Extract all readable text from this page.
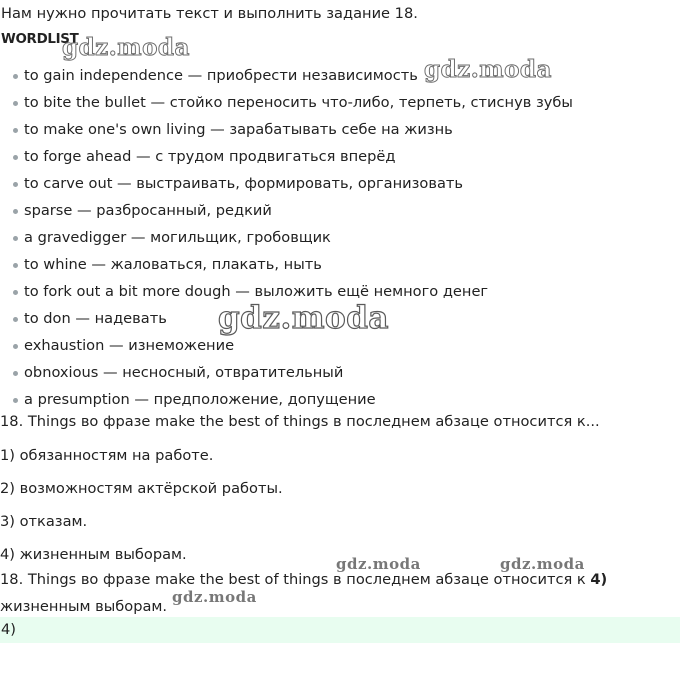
Нам нужно прочитать текст и выполнить задание 18.
WORDLIST
to gain independence — приобрести независимость
to bite the bullet — стойко переносить что-либо, терпеть, стиснув зубы
to make one's own living — зарабатывать себе на жизнь
to forge ahead — с трудом продвигаться вперёд
to carve out — выстраивать, формировать, организовать
sparse — разбросанный, редкий
a gravedigger — могильщик, гробовщик
to whine — жаловаться, плакать, ныть
to fork out a bit more dough — выложить ещё немного денег
to don — надевать
exhaustion — изнеможение
obnoxious — несносный, отвратительный
a presumption — предположение, допущение
18. Things во фразе make the best of things в последнем абзаце относится к...
1) обязанностям на работе.
2) возможностям актёрской работы.
3) отказам.
4) жизненным выборам.
18. Things во фразе make the best of things в последнем абзаце относится к 4)
жизненным выборам.
4)
gdz.moda
gdz.moda
gdz.moda
gdz.moda	gdz.moda
gdz.moda
